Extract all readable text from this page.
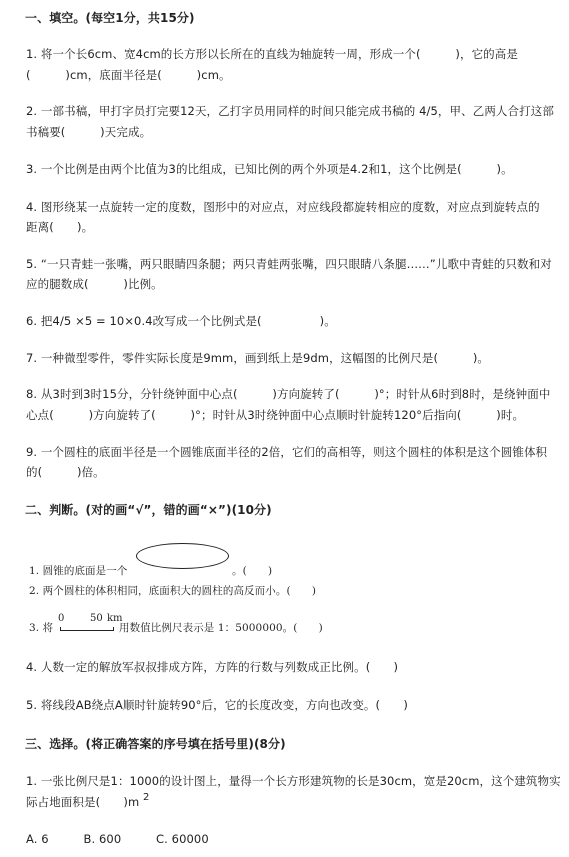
一、填空。(每空1分，共15分)
1. 将一个长6cm、宽4cm的长方形以长所在的直线为轴旋转一周，形成一个(　　　)，它的高是
(　　　)cm，底面半径是(　　　)cm。
2. 一部书稿，甲打字员打完要12天，乙打字员用同样的时间只能完成书稿的 4/5，甲、乙两人合打这部
书稿要(　　　)天完成。
3. 一个比例是由两个比值为3的比组成，已知比例的两个外项是4.2和1，这个比例是(　　　)。
4. 图形绕某一点旋转一定的度数，图形中的对应点，对应线段都旋转相应的度数，对应点到旋转点的
距离(　　)。
5. “一只青蛙一张嘴，两只眼睛四条腿；两只青蛙两张嘴，四只眼睛八条腿……”儿歌中青蛙的只数和对
应的腿数成(　　　)比例。
6. 把4/5 ×5 = 10×0.4改写成一个比例式是(　　　　　)。
7. 一种微型零件，零件实际长度是9mm，画到纸上是9dm，这幅图的比例尺是(　　　)。
8. 从3时到3时15分，分针绕钟面中心点(　　　)方向旋转了(　　　)°；时针从6时到8时，是绕钟面中
心点(　　　)方向旋转了(　　　)°；时针从3时绕钟面中心点顺时针旋转120°后指向(　　　)时。
9. 一个圆柱的底面半径是一个圆锥底面半径的2倍，它们的高相等，则这个圆柱的体积是这个圆锥体积
的(　　　)倍。
二、判断。(对的画“√”，错的画“×”)(10分)
1. 圆锥的底面是一个	。(　　)
2. 两个圆柱的体积相同，底面积大的圆柱的高反而小。(　　)
3. 将
0	50 km
用数值比例尺表示是 1：5000000。(　　)
4. 人数一定的解放军叔叔排成方阵，方阵的行数与列数成正比例。(　　)
5. 将线段AB绕点A顺时针旋转90°后，它的长度改变，方向也改变。(　　)
三、选择。(将正确答案的序号填在括号里)(8分)
1. 一张比例尺是1：1000的设计图上，量得一个长方形建筑物的长是30cm，宽是20cm，这个建筑物实
际占地面积是(　　)m 2
A. 6　　　B. 600　　　C. 60000
